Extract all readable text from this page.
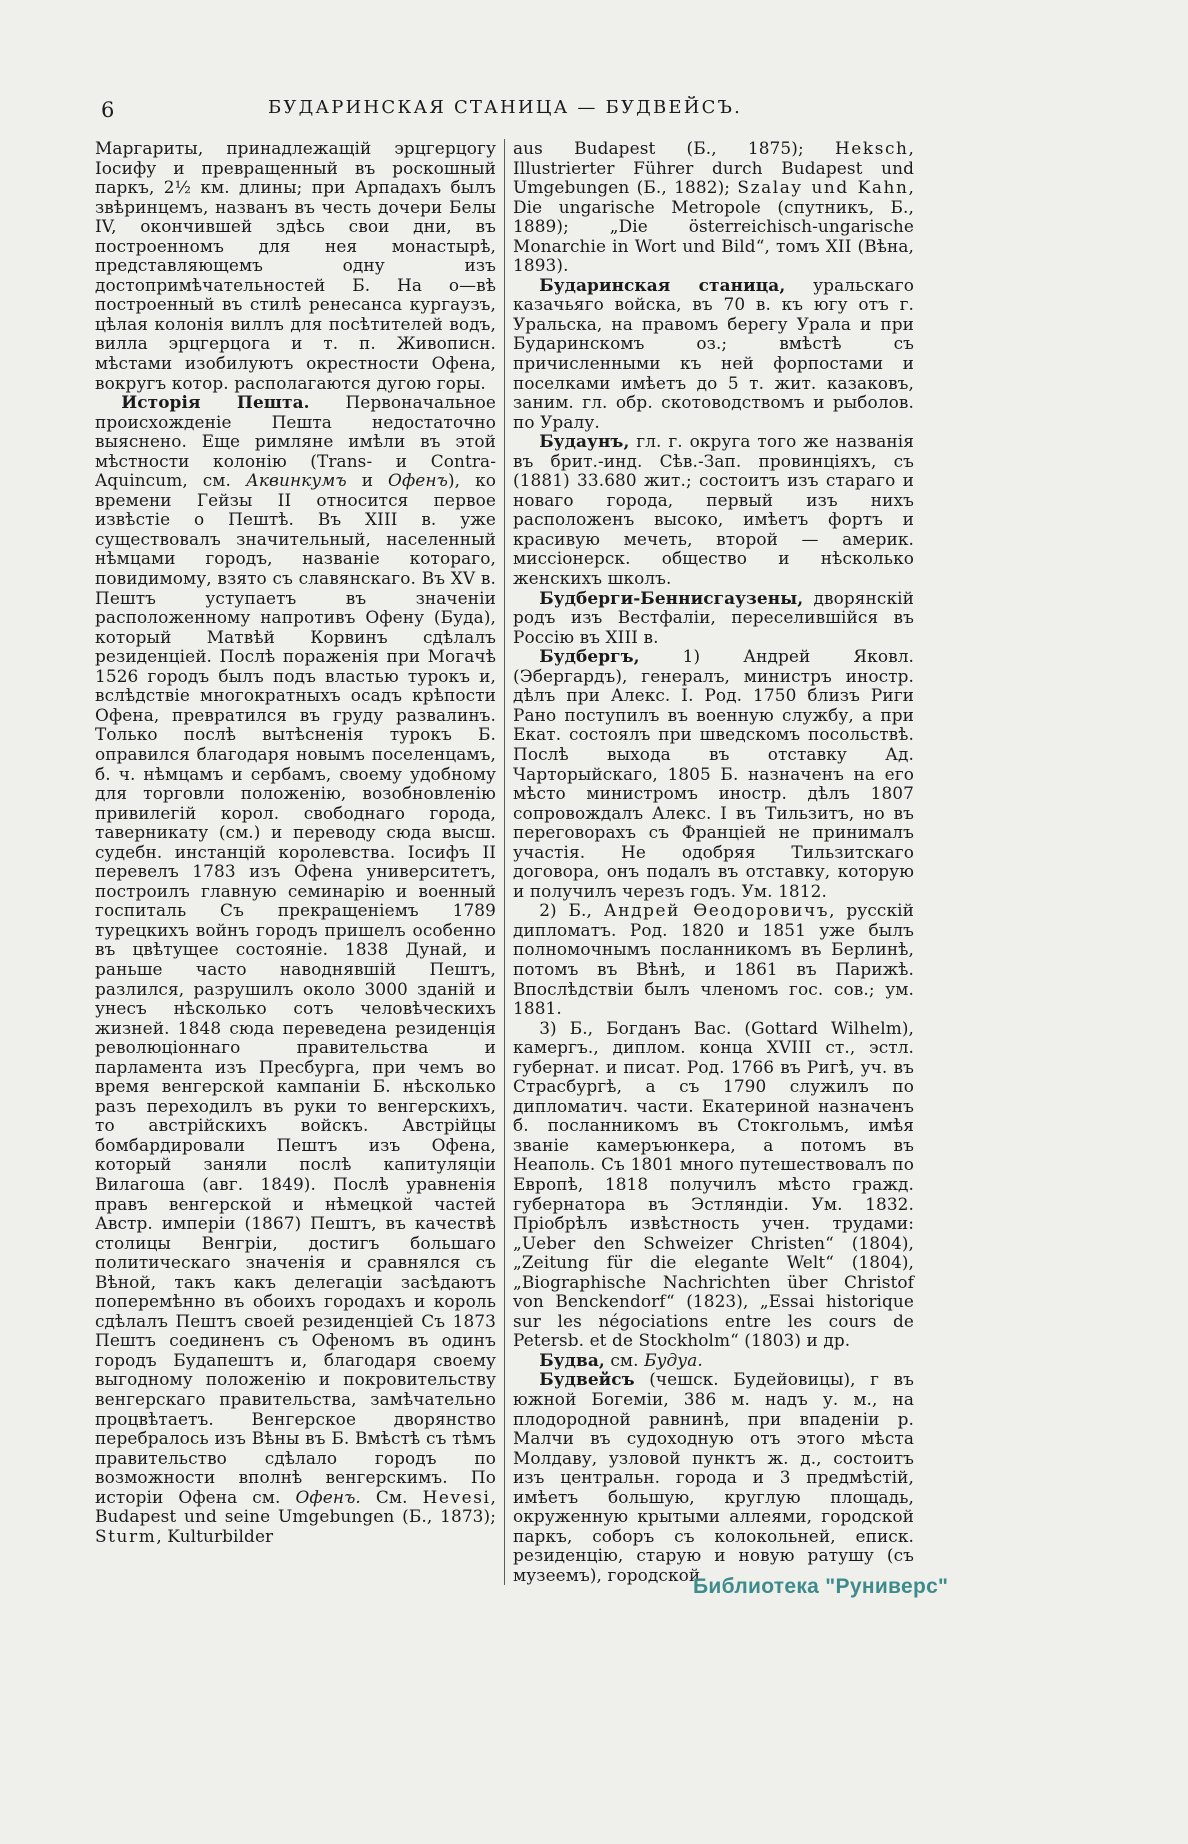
6	БУДАРИНСКАЯ СТАНИЦА — БУДВЕЙСЪ.

Маргариты, принадлежащій эрцгерцогу Іосифу и превращенный въ роскошный паркъ, 2½ км. длины; при Арпадахъ былъ звѣринцемъ, названъ въ честь дочери Белы IV, окончившей здѣсь свои дни, въ построенномъ для нея монастырѣ, представляющемъ одну изъ достопримѣчательностей Б. На о—вѣ построенный въ стилѣ ренесанса кургаузъ, цѣлая колонія виллъ для посѣтителей водъ, вилла эрцгерцога и т. п. Живописн. мѣстами изобилуютъ окрестности Офена, вокругъ котор. располагаются дугою горы.

Исторія Пешта. Первоначальное происхожденіе Пешта недостаточно выяснено. Еще римляне имѣли въ этой мѣстности колонію (Trans- и Contra-Aquincum, см. Аквинкумъ и Офенъ), ко времени Гейзы II относится первое извѣстіе о Пештѣ. Въ XIII в. уже существовалъ значительный, населенный нѣмцами городъ, названіе котораго, повидимому, взято съ славянскаго. Въ XV в. Пештъ уступаетъ въ значеніи расположенному напротивъ Офену (Буда), который Матвѣй Корвинъ сдѣлалъ резиденціей. Послѣ пораженія при Могачѣ 1526 городъ былъ подъ властью турокъ и, вслѣдствіе многократныхъ осадъ крѣпости Офена, превратился въ груду развалинъ. Только послѣ вытѣсненія турокъ Б. оправился благодаря новымъ поселенцамъ, б. ч. нѣмцамъ и сербамъ, своему удобному для торговли положенію, возобновленію привилегій корол. свободнаго города, таверникату (см.) и переводу сюда высш. судебн. инстанцій королевства. Іосифъ II перевелъ 1783 изъ Офена университетъ, построилъ главную семинарію и военный госпиталь Съ прекращеніемъ 1789 турецкихъ войнъ городъ пришелъ особенно въ цвѣтущее состояніе. 1838 Дунай, и раньше часто наводнявшій Пештъ, разлился, разрушилъ около 3000 зданій и унесъ нѣсколько сотъ человѣческихъ жизней. 1848 сюда переведена резиденція революціоннаго правительства и парламента изъ Пресбурга, при чемъ во время венгерской кампаніи Б. нѣсколько разъ переходилъ въ руки то венгерскихъ, то австрійскихъ войскъ. Австрійцы бомбардировали Пештъ изъ Офена, который заняли послѣ капитуляціи Вилагоша (авг. 1849). Послѣ уравненія правъ венгерской и нѣмецкой частей Австр. имперіи (1867) Пештъ, въ качествѣ столицы Венгріи, достигъ большаго политическаго значенія и сравнялся съ Вѣной, такъ какъ делегаціи засѣдаютъ поперемѣнно въ обоихъ городахъ и король сдѣлалъ Пештъ своей резиденціей Съ 1873 Пештъ соединенъ съ Офеномъ въ одинъ городъ Будапештъ и, благодаря своему выгодному положенію и покровительству венгерскаго правительства, замѣчательно процвѣтаетъ. Венгерское дворянство перебралось изъ Вѣны въ Б. Вмѣстѣ съ тѣмъ правительство сдѣлало городъ по возможности вполнѣ венгерскимъ. По исторіи Офена см. Офенъ. См. Hevesi, Budapest und seine Umgebungen (Б., 1873); Sturm, Kulturbilder

aus Budapest (Б., 1875); Heksch, Illustrierter Führer durch Budapest und Umgebungen (Б., 1882); Szalay und Kahn, Die ungarische Metropole (спутникъ, Б., 1889); „Die österreichisch-ungarische Monarchie in Wort und Bild“, томъ XII (Вѣна, 1893).

Бударинская станица, уральскаго казачьяго войска, въ 70 в. къ югу отъ г. Уральска, на правомъ берегу Урала и при Бударинскомъ оз.; вмѣстѣ съ причисленными къ ней форпостами и поселками имѣетъ до 5 т. жит. казаковъ, заним. гл. обр. скотоводствомъ и рыболов. по Уралу.

Будаунъ, гл. г. округа того же названія въ брит.-инд. Сѣв.-Зап. провинціяхъ, съ (1881) 33.680 жит.; состоитъ изъ стараго и новаго города, первый изъ нихъ расположенъ высоко, имѣетъ фортъ и красивую мечеть, второй — америк. миссіонерск. общество и нѣсколько женскихъ школъ.

Будберги-Беннисгаузены, дворянскій родъ изъ Вестфаліи, переселившійся въ Россію въ XIII в.

Будбергъ, 1) Андрей Яковл. (Эбергардъ), генералъ, министръ иностр. дѣлъ при Алекс. I. Род. 1750 близъ Риги Рано поступилъ въ военную службу, а при Екат. состоялъ при шведскомъ посольствѣ. Послѣ выхода въ отставку Ад. Чарторыйскаго, 1805 Б. назначенъ на его мѣсто министромъ иностр. дѣлъ 1807 сопровождалъ Алекс. I въ Тильзитъ, но въ переговорахъ съ Франціей не принималъ участія. Не одобряя Тильзитскаго договора, онъ подалъ въ отставку, которую и получилъ черезъ годъ. Ум. 1812.

2) Б., Андрей Ѳеодоровичъ, русскій дипломатъ. Род. 1820 и 1851 уже былъ полномочнымъ посланникомъ въ Берлинѣ, потомъ въ Вѣнѣ, и 1861 въ Парижѣ. Впослѣдствіи былъ членомъ гос. сов.; ум. 1881.

3) Б., Богданъ Вас. (Gottard Wilhelm), камергъ., диплом. конца XVIII ст., эстл. губернат. и писат. Род. 1766 въ Ригѣ, уч. въ Страсбургѣ, а съ 1790 служилъ по дипломатич. части. Екатериной назначенъ б. посланникомъ въ Стокгольмъ, имѣя званіе камеръюнкера, а потомъ въ Неаполь. Съ 1801 много путешествовалъ по Европѣ, 1818 получилъ мѣсто гражд. губернатора въ Эстляндіи. Ум. 1832. Пріобрѣлъ извѣстность учен. трудами: „Ueber den Schweizer Christen“ (1804), „Zeitung für die elegante Welt“ (1804), „Biographische Nachrichten über Christof von Benckendorf“ (1823), „Essai historique sur les négociations entre les cours de Petersb. et de Stockholm“ (1803) и др.

Будва, см. Будуа.

Будвейсъ (чешск. Будейовицы), г въ южной Богеміи, 386 м. надъ у. м., на плодородной равнинѣ, при впаденіи р. Малчи въ судоходную отъ этого мѣста Молдаву, узловой пунктъ ж. д., состоитъ изъ центральн. города и 3 предмѣстій, имѣетъ большую, круглую площадь, окруженную крытыми аллеями, городской паркъ, соборъ съ колокольней, еписк. резиденцію, старую и новую ратушу (съ музеемъ), городской

Библиотека "Руниверс"
